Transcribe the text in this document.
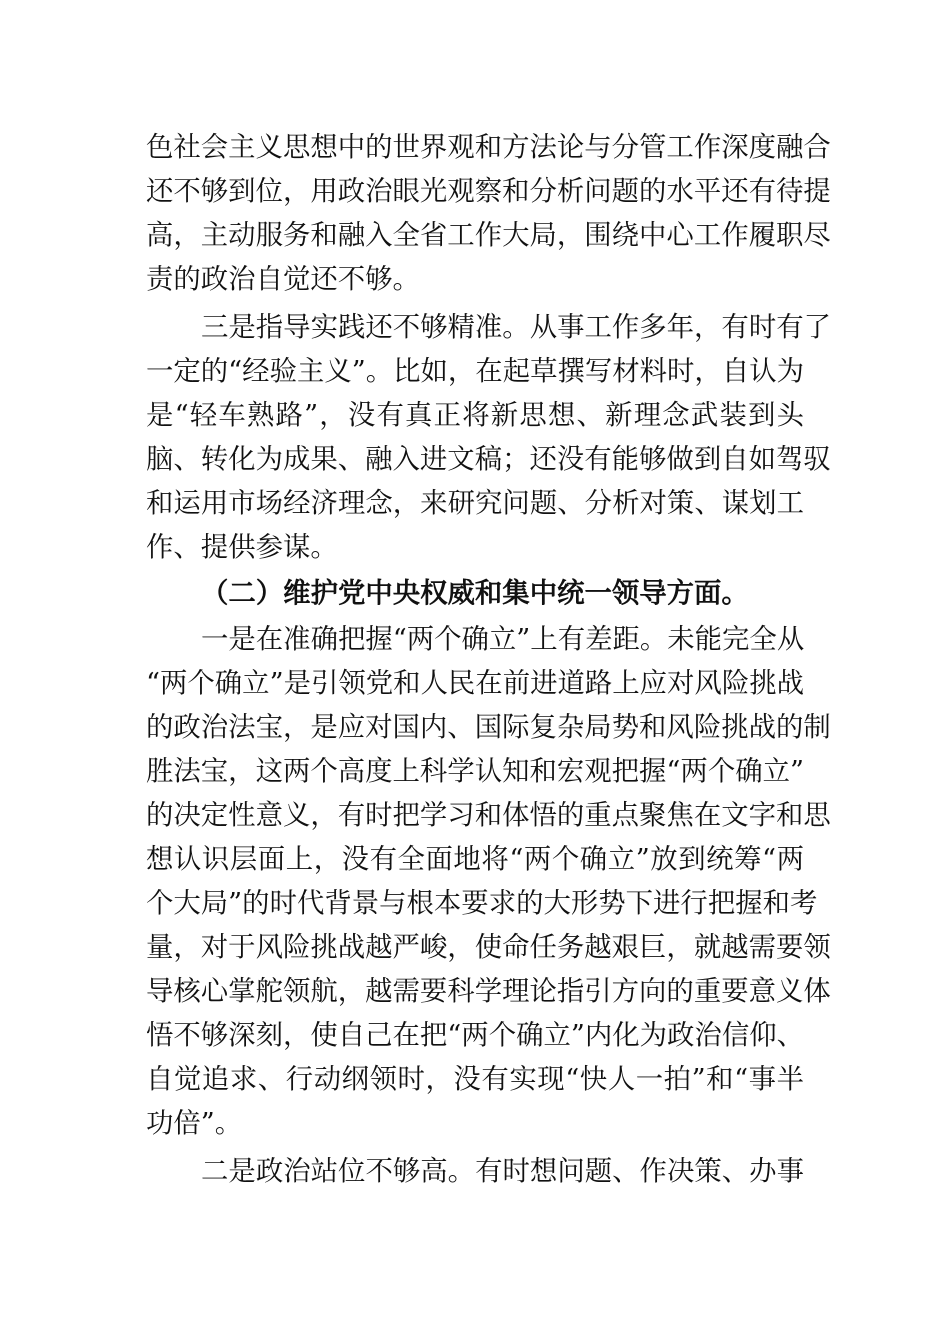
色社会主义思想中的世界观和方法论与分管工作深度融合
还不够到位，用政治眼光观察和分析问题的水平还有待提
高，主动服务和融入全省工作大局，围绕中心工作履职尽
责的政治自觉还不够。
三是指导实践还不够精准。从事工作多年，有时有了
一定的“经验主义”。比如，在起草撰写材料时，自认为
是“轻车熟路”，没有真正将新思想、新理念武装到头
脑、转化为成果、融入进文稿；还没有能够做到自如驾驭
和运用市场经济理念，来研究问题、分析对策、谋划工
作、提供参谋。
（二）维护党中央权威和集中统一领导方面。
一是在准确把握“两个确立”上有差距。未能完全从
“两个确立”是引领党和人民在前进道路上应对风险挑战
的政治法宝，是应对国内、国际复杂局势和风险挑战的制
胜法宝，这两个高度上科学认知和宏观把握“两个确立”
的决定性意义，有时把学习和体悟的重点聚焦在文字和思
想认识层面上，没有全面地将“两个确立”放到统筹“两
个大局”的时代背景与根本要求的大形势下进行把握和考
量，对于风险挑战越严峻，使命任务越艰巨，就越需要领
导核心掌舵领航，越需要科学理论指引方向的重要意义体
悟不够深刻，使自己在把“两个确立”内化为政治信仰、
自觉追求、行动纲领时，没有实现“快人一拍”和“事半
功倍”。
二是政治站位不够高。有时想问题、作决策、办事
